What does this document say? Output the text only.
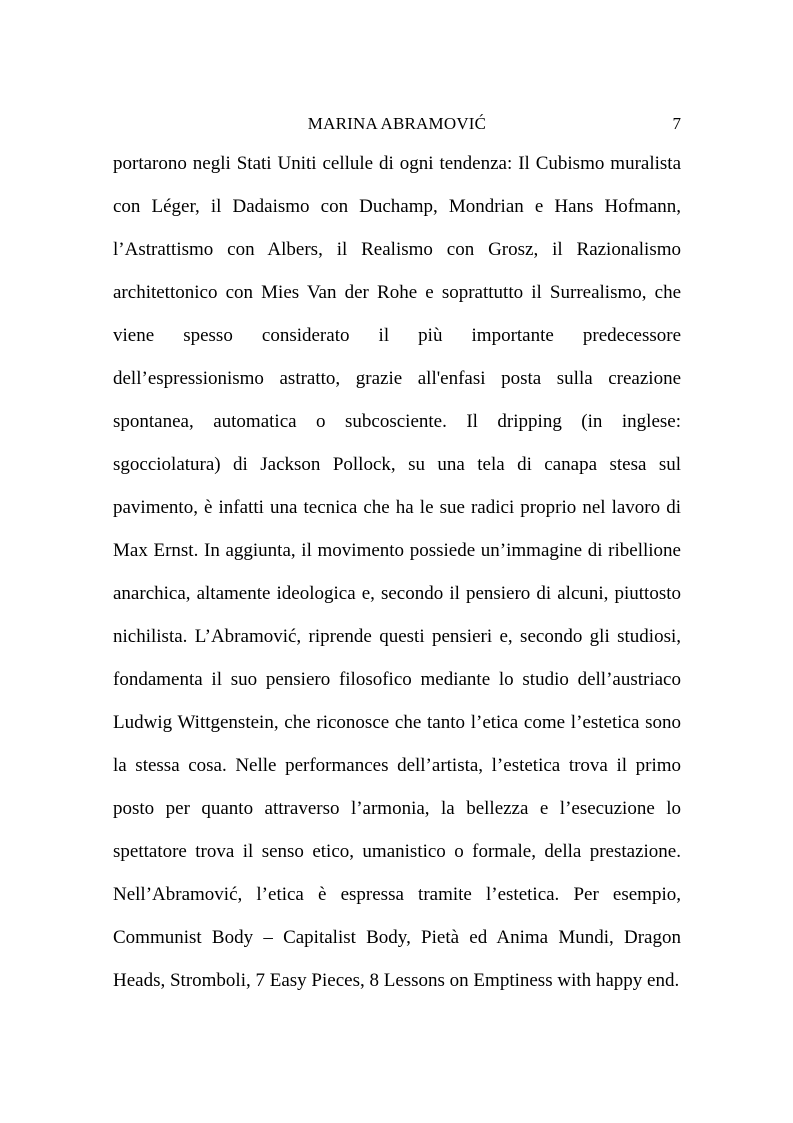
MARINA ABRAMOVIĆ	7
portarono negli Stati Uniti cellule di ogni tendenza: Il Cubismo muralista
con Léger, il Dadaismo con Duchamp, Mondrian e Hans Hofmann,
l’Astrattismo con Albers, il Realismo con Grosz, il Razionalismo
architettonico con Mies Van der Rohe e soprattutto il Surrealismo, che
viene spesso considerato il più importante predecessore
dell’espressionismo astratto, grazie all'enfasi posta sulla creazione
spontanea, automatica o subcosciente. Il dripping (in inglese:
sgocciolatura) di Jackson Pollock, su una tela di canapa stesa sul
pavimento, è infatti una tecnica che ha le sue radici proprio nel lavoro di
Max Ernst. In aggiunta, il movimento possiede un’immagine di ribellione
anarchica, altamente ideologica e, secondo il pensiero di alcuni, piuttosto
nichilista. L’Abramović, riprende questi pensieri e, secondo gli studiosi,
fondamenta il suo pensiero filosofico mediante lo studio dell’austriaco
Ludwig Wittgenstein, che riconosce che tanto l’etica come l’estetica sono
la stessa cosa. Nelle performances dell’artista, l’estetica trova il primo
posto per quanto attraverso l’armonia, la bellezza e l’esecuzione lo
spettatore trova il senso etico, umanistico o formale, della prestazione.
Nell’Abramović, l’etica è espressa tramite l’estetica. Per esempio,
Communist Body – Capitalist Body, Pietà ed Anima Mundi, Dragon
Heads, Stromboli, 7 Easy Pieces, 8 Lessons on Emptiness with happy end.
